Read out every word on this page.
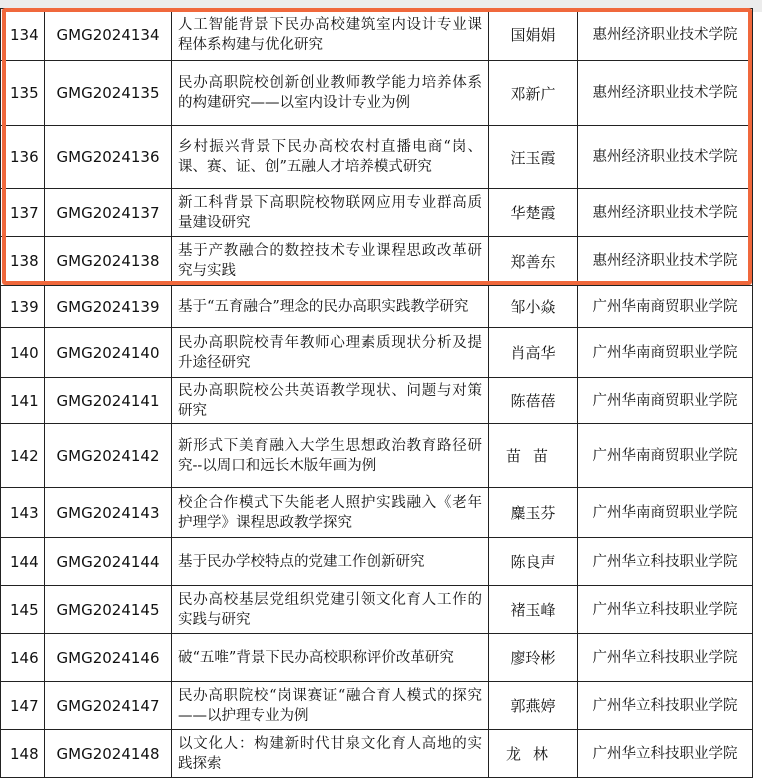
134	GMG2024134	人工智能背景下民办高校建筑室内设计专业课程体系构建与优化研究	国娟娟	惠州经济职业技术学院
135	GMG2024135	民办高职院校创新创业教师教学能力培养体系的构建研究——以室内设计专业为例	邓新广	惠州经济职业技术学院
136	GMG2024136	乡村振兴背景下民办高校农村直播电商“岗、课、赛、证、创”五融人才培养模式研究	汪玉霞	惠州经济职业技术学院
137	GMG2024137	新工科背景下高职院校物联网应用专业群高质量建设研究	华楚霞	惠州经济职业技术学院
138	GMG2024138	基于产教融合的数控技术专业课程思政改革研究与实践	郑善东	惠州经济职业技术学院
139	GMG2024139	基于“五育融合”理念的民办高职实践教学研究	邹小焱	广州华南商贸职业学院
140	GMG2024140	民办高职院校青年教师心理素质现状分析及提升途径研究	肖高华	广州华南商贸职业学院
141	GMG2024141	民办高职院校公共英语教学现状、问题与对策研究	陈蓓蓓	广州华南商贸职业学院
142	GMG2024142	新形式下美育融入大学生思想政治教育路径研究--以周口和远长木版年画为例	苗苗	广州华南商贸职业学院
143	GMG2024143	校企合作模式下失能老人照护实践融入《老年护理学》课程思政教学探究	麋玉芬	广州华南商贸职业学院
144	GMG2024144	基于民办学校特点的党建工作创新研究	陈良声	广州华立科技职业学院
145	GMG2024145	民办高校基层党组织党建引领文化育人工作的实践与研究	褚玉峰	广州华立科技职业学院
146	GMG2024146	破“五唯”背景下民办高校职称评价改革研究	廖玲彬	广州华立科技职业学院
147	GMG2024147	民办高职院校“岗课赛证“融合育人模式的探究——以护理专业为例	郭燕婷	广州华立科技职业学院
148	GMG2024148	以文化人：构建新时代甘泉文化育人高地的实践探索	龙林	广州华立科技职业学院
